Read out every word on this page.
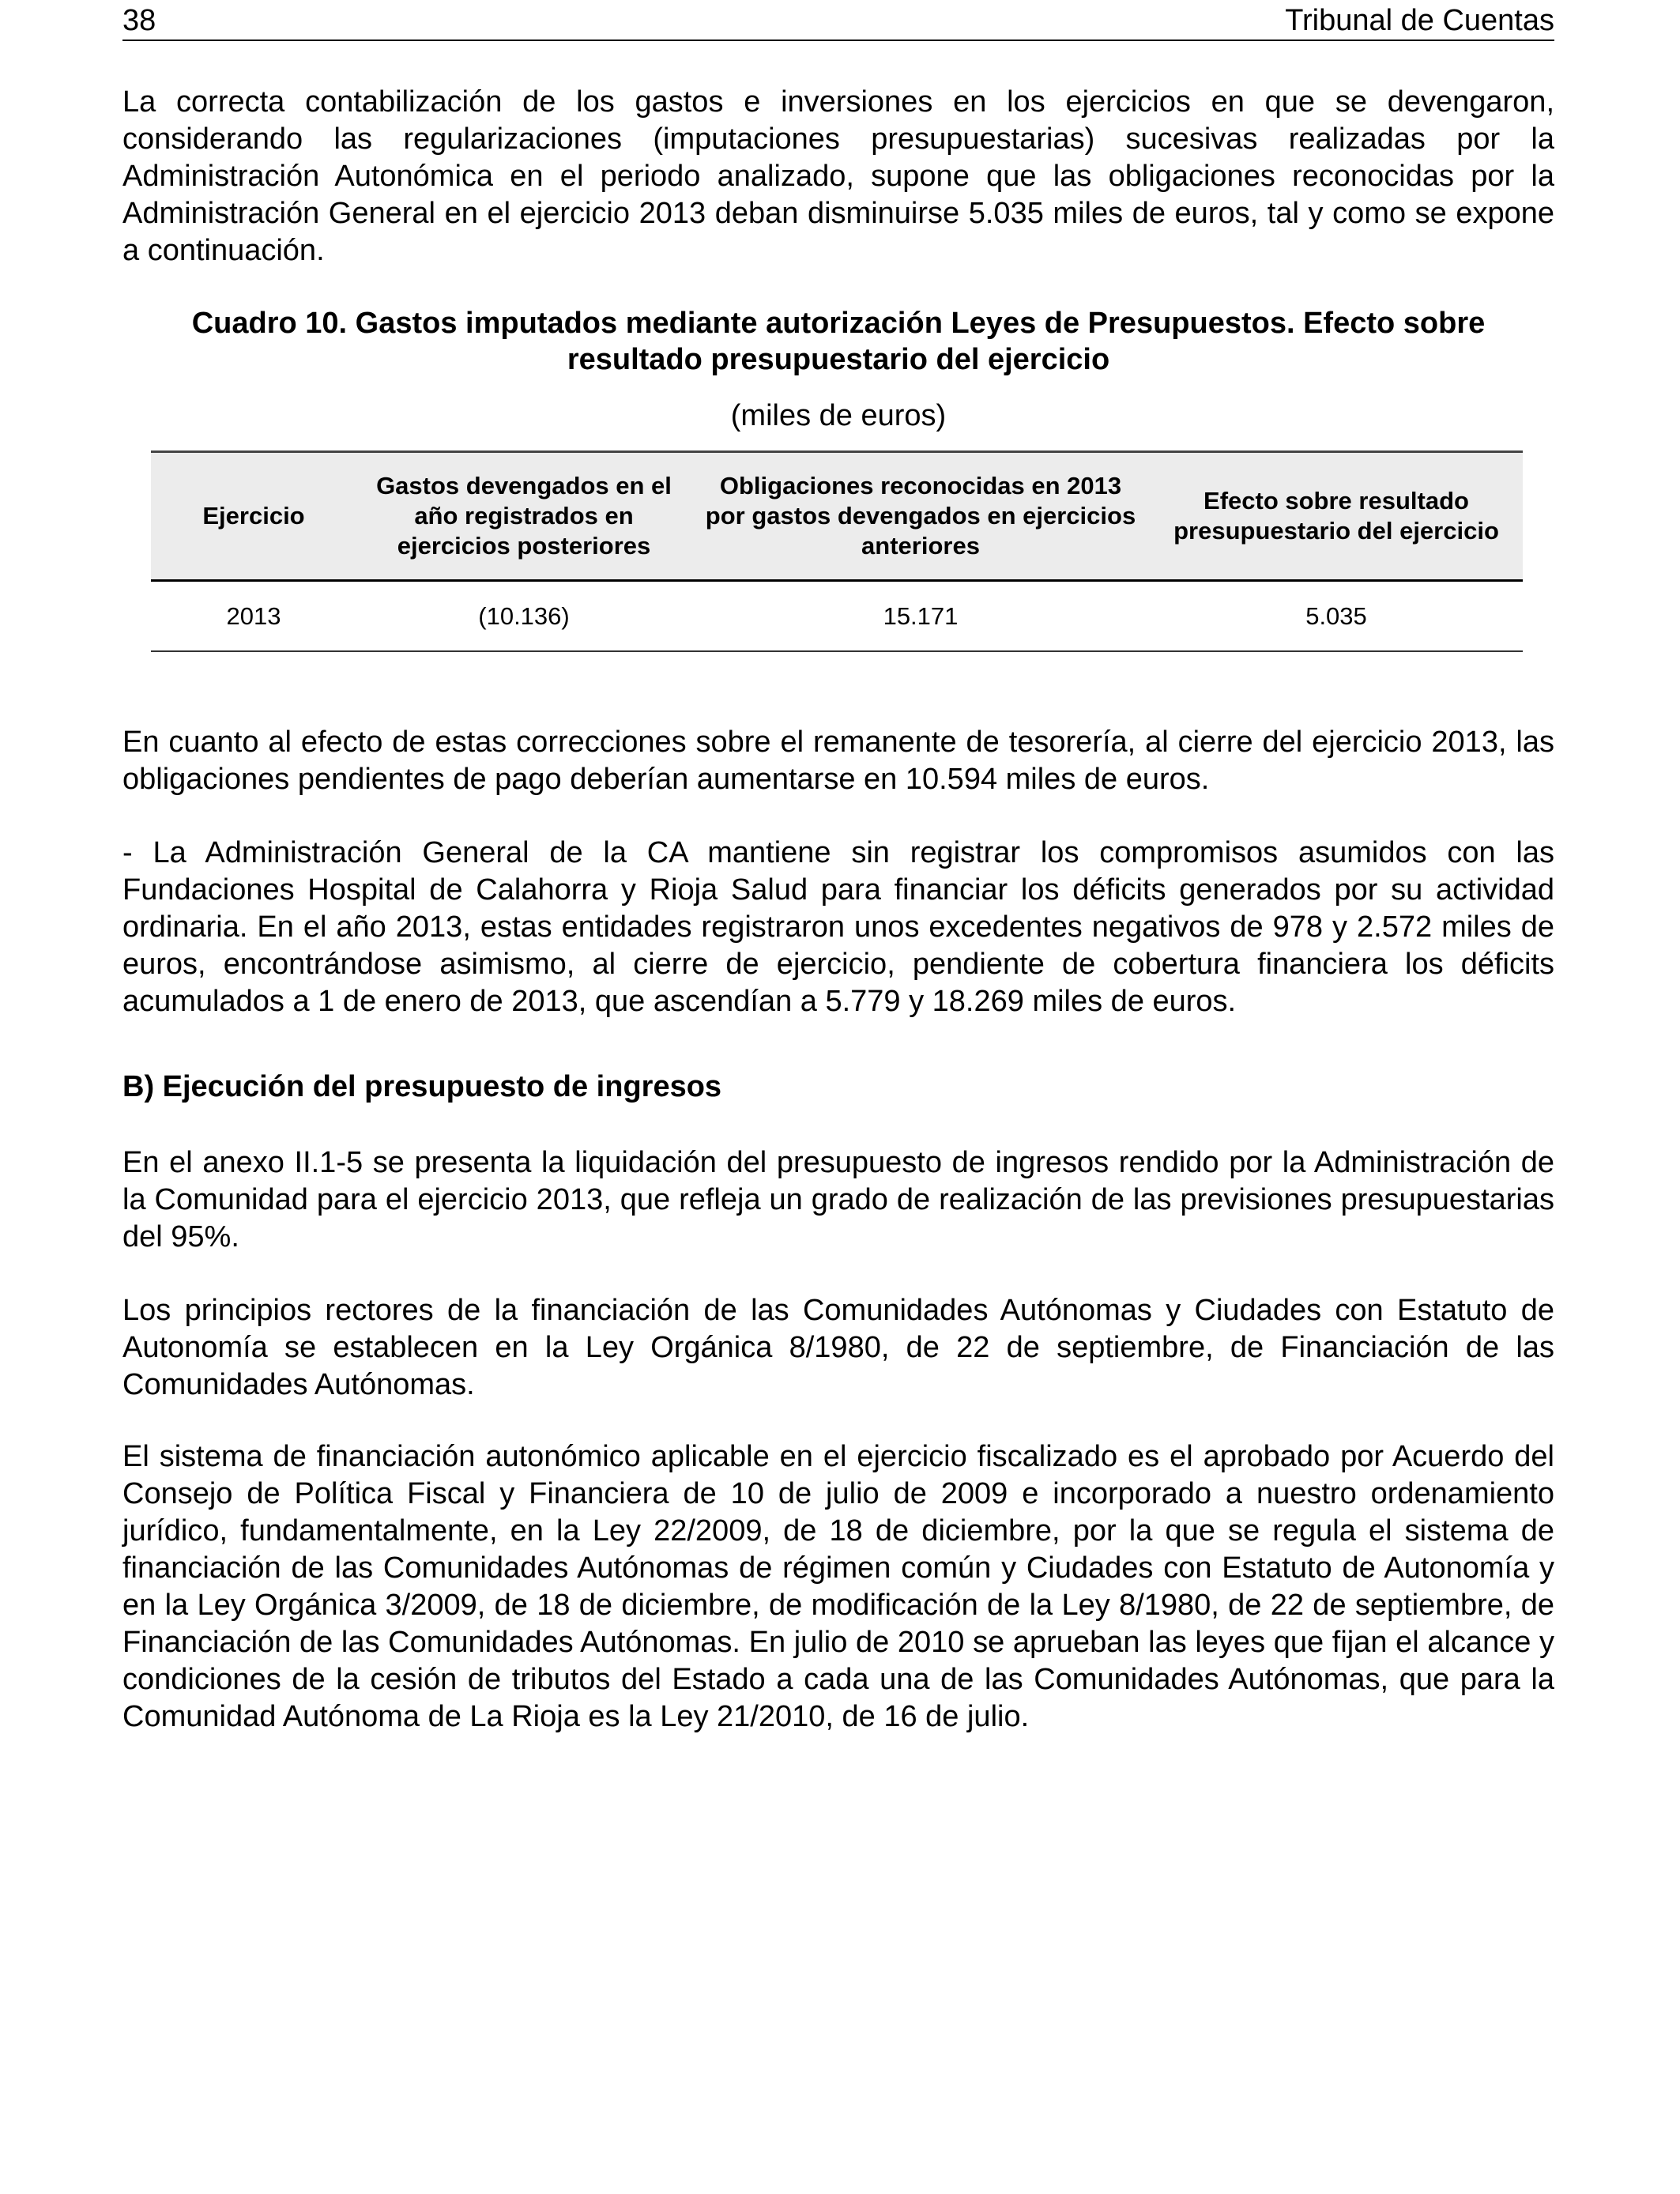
38	Tribunal de Cuentas

La correcta contabilización de los gastos e inversiones en los ejercicios en que se devengaron, considerando las regularizaciones (imputaciones presupuestarias) sucesivas realizadas por la Administración Autonómica en el periodo analizado, supone que las obligaciones reconocidas por la Administración General en el ejercicio 2013 deban disminuirse 5.035 miles de euros, tal y como se expone a continuación.

Cuadro 10. Gastos imputados mediante autorización Leyes de Presupuestos. Efecto sobre

resultado presupuestario del ejercicio

(miles de euros)

Ejercicio	Gastos devengados en el año registrados en ejercicios posteriores	Obligaciones reconocidas en 2013 por gastos devengados en ejercicios anteriores	Efecto sobre resultado presupuestario del ejercicio
2013	(10.136)	15.171	5.035

En cuanto al efecto de estas correcciones sobre el remanente de tesorería, al cierre del ejercicio 2013, las obligaciones pendientes de pago deberían aumentarse en 10.594 miles de euros.

- La Administración General de la CA mantiene sin registrar los compromisos asumidos con las Fundaciones Hospital de Calahorra y Rioja Salud para financiar los déficits generados por su actividad ordinaria. En el año 2013, estas entidades registraron unos excedentes negativos de 978 y 2.572 miles de euros, encontrándose asimismo, al cierre de ejercicio, pendiente de cobertura financiera los déficits acumulados a 1 de enero de 2013, que ascendían a 5.779 y 18.269 miles de euros.

B) Ejecución del presupuesto de ingresos

En el anexo II.1-5 se presenta la liquidación del presupuesto de ingresos rendido por la Administración de la Comunidad para el ejercicio 2013, que refleja un grado de realización de las previsiones presupuestarias del 95%.

Los principios rectores de la financiación de las Comunidades Autónomas y Ciudades con Estatuto de Autonomía se establecen en la Ley Orgánica 8/1980, de 22 de septiembre, de Financiación de las Comunidades Autónomas.

El sistema de financiación autonómico aplicable en el ejercicio fiscalizado es el aprobado por Acuerdo del Consejo de Política Fiscal y Financiera de 10 de julio de 2009 e incorporado a nuestro ordenamiento jurídico, fundamentalmente, en la Ley 22/2009, de 18 de diciembre, por la que se regula el sistema de financiación de las Comunidades Autónomas de régimen común y Ciudades con Estatuto de Autonomía y en la Ley Orgánica 3/2009, de 18 de diciembre, de modificación de la Ley 8/1980, de 22 de septiembre, de Financiación de las Comunidades Autónomas. En julio de 2010 se aprueban las leyes que fijan el alcance y condiciones de la cesión de tributos del Estado a cada una de las Comunidades Autónomas, que para la Comunidad Autónoma de La Rioja es la Ley 21/2010, de 16 de julio.
